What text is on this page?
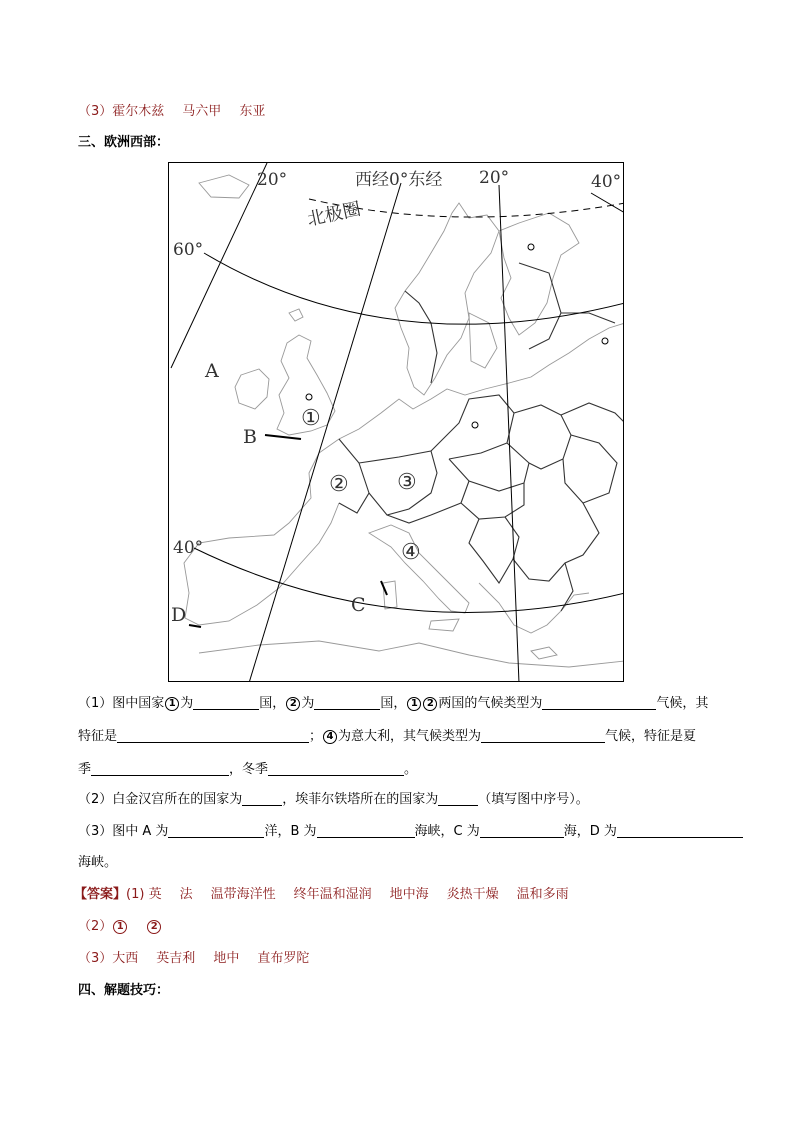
（3）霍尔木兹 马六甲 东亚
三、欧洲西部：
20°	西经0°东经 20°	40°
北极圈
60°
40°
A
B
C
D
①
② ③
④
（1）图中国家 1 为	国， 2 为	国， 1 2 两国的气候类型为	气候，其
特征是	； 4 为意大利，其气候类型为	气候，特征是夏
季	，冬季	。
（2）白金汉宫所在的国家为	，埃菲尔铁塔所在的国家为	（填写图中序号）。
（3）图中 A 为	洋，B 为	海峡，C 为	海，D 为
海峡。
【答案】(1) 英 法 温带海洋性 终年温和湿润 地中海 炎热干燥 温和多雨
（2） 1	2
（3）大西 英吉利 地中 直布罗陀
四、解题技巧：
